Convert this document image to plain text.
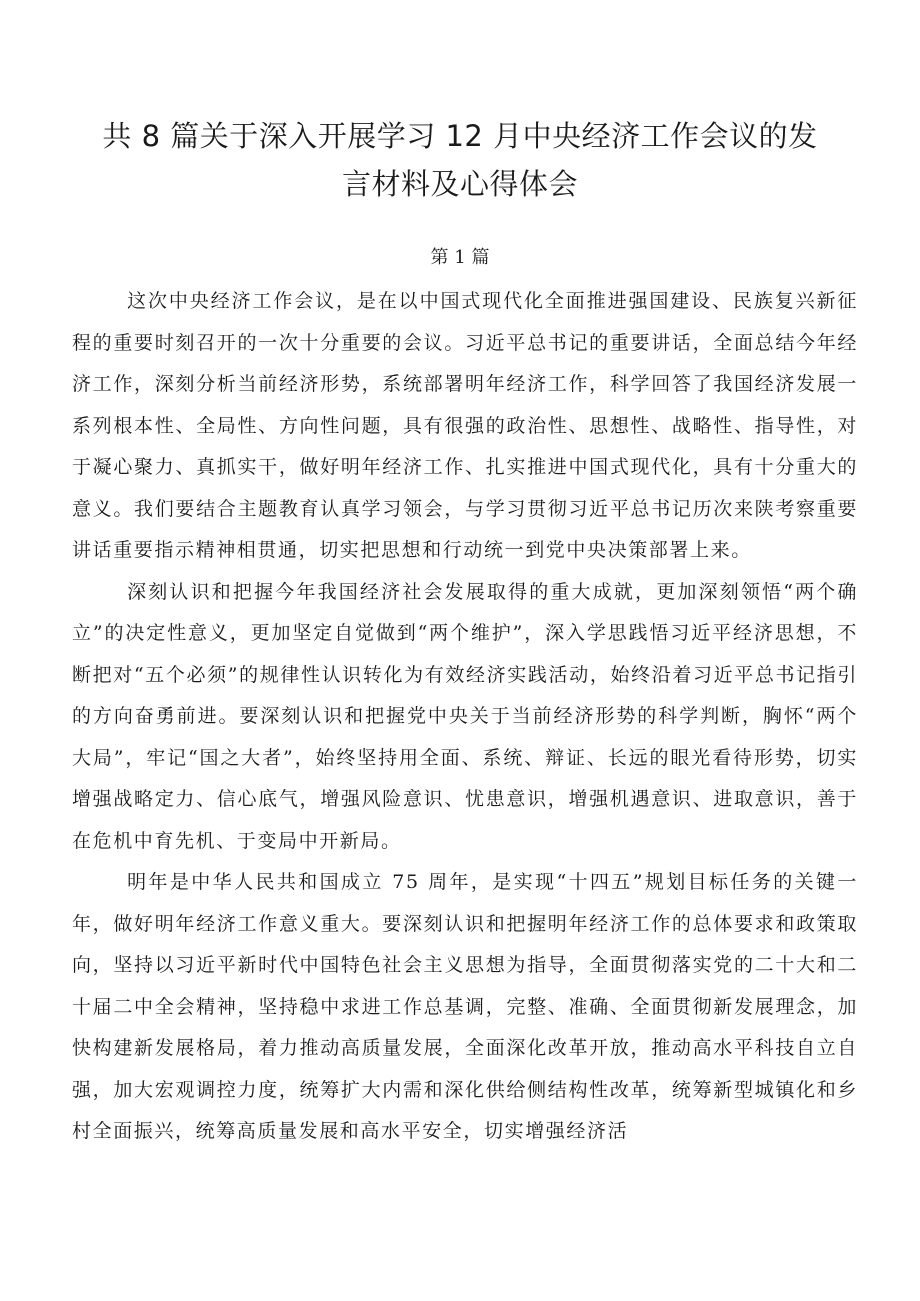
共 8 篇关于深入开展学习 12 月中央经济工作会议的发
言材料及心得体会
第 1 篇

这次中央经济工作会议，是在以中国式现代化全面推进强国建设、民族复兴新征程的重要时刻召开的一次十分重要的会议。习近平总书记的重要讲话，全面总结今年经济工作，深刻分析当前经济形势，系统部署明年经济工作，科学回答了我国经济发展一系列根本性、全局性、方向性问题，具有很强的政治性、思想性、战略性、指导性，对于凝心聚力、真抓实干，做好明年经济工作、扎实推进中国式现代化，具有十分重大的意义。我们要结合主题教育认真学习领会，与学习贯彻习近平总书记历次来陕考察重要讲话重要指示精神相贯通，切实把思想和行动统一到党中央决策部署上来。

深刻认识和把握今年我国经济社会发展取得的重大成就，更加深刻领悟“两个确立”的决定性意义，更加坚定自觉做到“两个维护”，深入学思践悟习近平经济思想，不断把对“五个必须”的规律性认识转化为有效经济实践活动，始终沿着习近平总书记指引的方向奋勇前进。要深刻认识和把握党中央关于当前经济形势的科学判断，胸怀“两个大局”，牢记“国之大者”，始终坚持用全面、系统、辩证、长远的眼光看待形势，切实增强战略定力、信心底气，增强风险意识、忧患意识，增强机遇意识、进取意识，善于在危机中育先机、于变局中开新局。

明年是中华人民共和国成立 75 周年，是实现“十四五”规划目标任务的关键一年，做好明年经济工作意义重大。要深刻认识和把握明年经济工作的总体要求和政策取向，坚持以习近平新时代中国特色社会主义思想为指导，全面贯彻落实党的二十大和二十届二中全会精神，坚持稳中求进工作总基调，完整、准确、全面贯彻新发展理念，加快构建新发展格局，着力推动高质量发展，全面深化改革开放，推动高水平科技自立自强，加大宏观调控力度，统筹扩大内需和深化供给侧结构性改革，统筹新型城镇化和乡村全面振兴，统筹高质量发展和高水平安全，切实增强经济活
